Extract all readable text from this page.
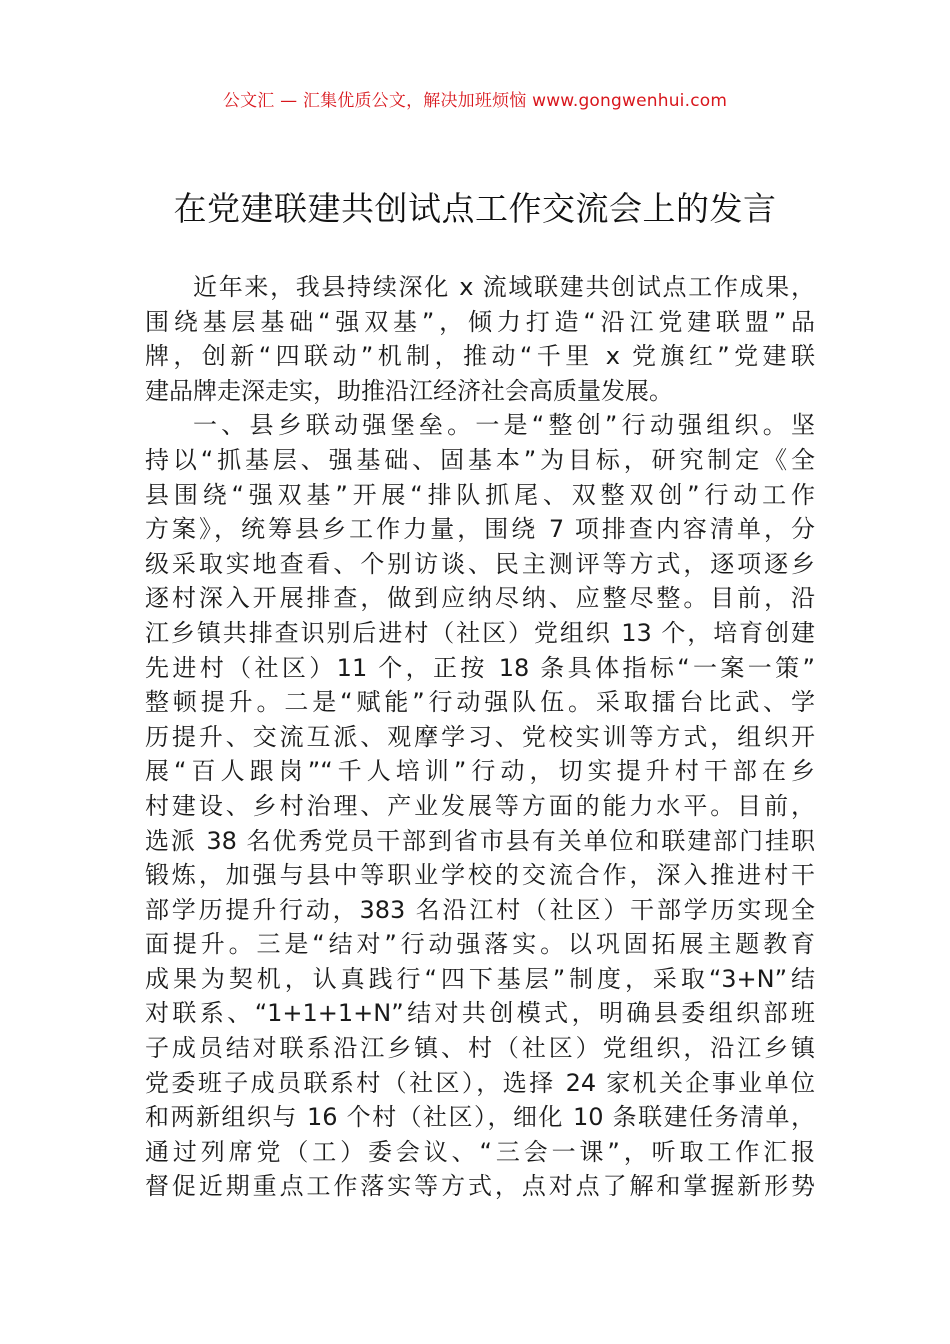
公文汇 — 汇集优质公文，解决加班烦恼 www.gongwenhui.com
在党建联建共创试点工作交流会上的发言
近年来，我县持续深化 x 流域联建共创试点工作成果，
围绕基层基础“强双基”，倾力打造“沿江党建联盟”品
牌，创新“四联动”机制，推动“千里 x 党旗红”党建联
建品牌走深走实，助推沿江经济社会高质量发展。
一、县乡联动强堡垒。一是“整创”行动强组织。坚
持以“抓基层、强基础、固基本”为目标，研究制定《全
县围绕“强双基”开展“排队抓尾、双整双创”行动工作
方案》，统筹县乡工作力量，围绕 7 项排查内容清单，分
级采取实地查看、个别访谈、民主测评等方式，逐项逐乡
逐村深入开展排查，做到应纳尽纳、应整尽整。目前，沿
江乡镇共排查识别后进村（社区）党组织 13 个，培育创建
先进村（社区）11 个，正按 18 条具体指标“一案一策”
整顿提升。二是“赋能”行动强队伍。采取擂台比武、学
历提升、交流互派、观摩学习、党校实训等方式，组织开
展“百人跟岗”“千人培训”行动，切实提升村干部在乡
村建设、乡村治理、产业发展等方面的能力水平。目前，
选派 38 名优秀党员干部到省市县有关单位和联建部门挂职
锻炼，加强与县中等职业学校的交流合作，深入推进村干
部学历提升行动，383 名沿江村（社区）干部学历实现全
面提升。三是“结对”行动强落实。以巩固拓展主题教育
成果为契机，认真践行“四下基层”制度，采取“3+N”结
对联系、“1+1+1+N”结对共创模式，明确县委组织部班
子成员结对联系沿江乡镇、村（社区）党组织，沿江乡镇
党委班子成员联系村（社区），选择 24 家机关企事业单位
和两新组织与 16 个村（社区），细化 10 条联建任务清单，
通过列席党（工）委会议、“三会一课”，听取工作汇报
督促近期重点工作落实等方式，点对点了解和掌握新形势
